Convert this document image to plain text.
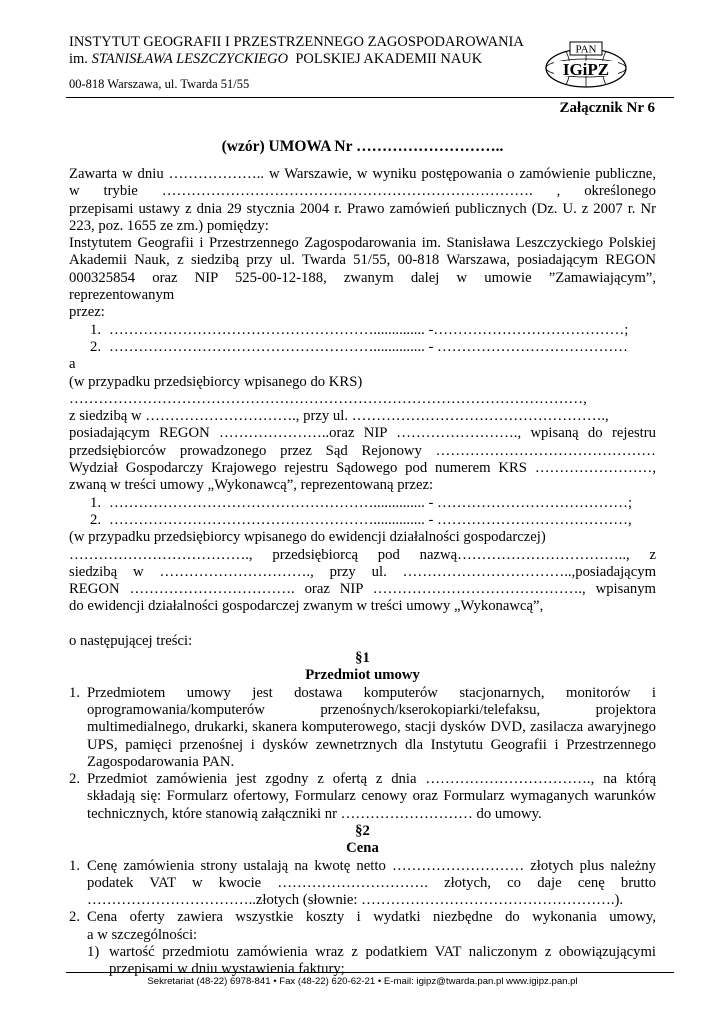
INSTYTUT GEOGRAFII I PRZESTRZENNEGO ZAGOSPODAROWANIA
im. STANISŁAWA LESZCZYCKIEGO  POLSKIEJ AKADEMII NAUK
00-818 Warszawa, ul. Twarda 51/55
PAN
IGiPZ
Załącznik Nr 6
(wzór) UMOWA Nr ………………………..
Zawarta w dniu ……………….. w Warszawie, w wyniku postępowania o zamówienie publiczne,
w trybie …………………………………………………………………. , określonego
przepisami ustawy z dnia 29 stycznia 2004 r. Prawo zamówień publicznych (Dz. U. z 2007 r. Nr
223, poz. 1655 ze zm.) pomiędzy:
Instytutem Geografii i Przestrzennego Zagospodarowania im. Stanisława Leszczyckiego Polskiej
Akademii Nauk, z siedzibą przy ul. Twarda 51/55, 00-818 Warszawa, posiadającym REGON
000325854 oraz NIP 525-00-12-188, zwanym dalej w umowie ”Zamawiającym”, reprezentowanym
przez:
1. ……………………………………………….............. -…………………………………;
2. ……………………………………………….............. - …………………………………
a
(w przypadku przedsiębiorcy wpisanego do KRS)
……………………………………………………………………………………………,
z siedzibą w …………………………., przy ul. …………………………………………….,
posiadającym REGON …………………..oraz NIP ……………………., wpisaną do rejestru
przedsiębiorców prowadzonego przez Sąd Rejonowy ………………………………………
Wydział Gospodarczy Krajowego rejestru Sądowego pod numerem KRS ……………………,
zwaną w treści umowy „Wykonawcą”, reprezentowaną przez:
1. ……………………………………………….............. - …………………………………;
2. ……………………………………………….............. - …………………………………,
(w przypadku przedsiębiorcy wpisanego do ewidencji działalności gospodarczej)
………………………………., przedsiębiorcą pod nazwą…………………………….., z
siedzibą w …………………………., przy ul. ……………………………..,posiadającym
REGON ……………………………. oraz NIP ……………………………………., wpisanym
do ewidencji działalności gospodarczej zwanym w treści umowy „Wykonawcą”,
o następującej treści:
§1
Przedmiot umowy
1. Przedmiotem umowy jest dostawa komputerów stacjonarnych, monitorów i
oprogramowania/komputerów przenośnych/kserokopiarki/telefaksu, projektora
multimedialnego, drukarki, skanera komputerowego, stacji dysków DVD, zasilacza awaryjnego
UPS, pamięci przenośnej i dysków zewnetrznych dla Instytutu Geografii i Przestrzennego
Zagospodarowania PAN.
2. Przedmiot zamówienia jest zgodny z ofertą z dnia ……………………………., na którą
składają się: Formularz ofertowy, Formularz cenowy oraz Formularz wymaganych warunków
technicznych, które stanowią załączniki nr ……………………… do umowy.
§2
Cena
1. Cenę zamówienia strony ustalają na kwotę netto ……………………… złotych plus należny
podatek VAT w kwocie …………………………. złotych, co daje cenę brutto
……………………………..złotych (słownie: …………………………………………….).
2. Cena oferty zawiera wszystkie koszty i wydatki niezbędne do wykonania umowy,
a w szczególności:
1) wartość przedmiotu zamówienia wraz z podatkiem VAT naliczonym z obowiązującymi
przepisami w dniu wystawienia faktury;
Sekretariat (48-22) 6978-841 • Fax (48-22) 620-62-21 • E-mail: igipz@twarda.pan.pl www.igipz.pan.pl
